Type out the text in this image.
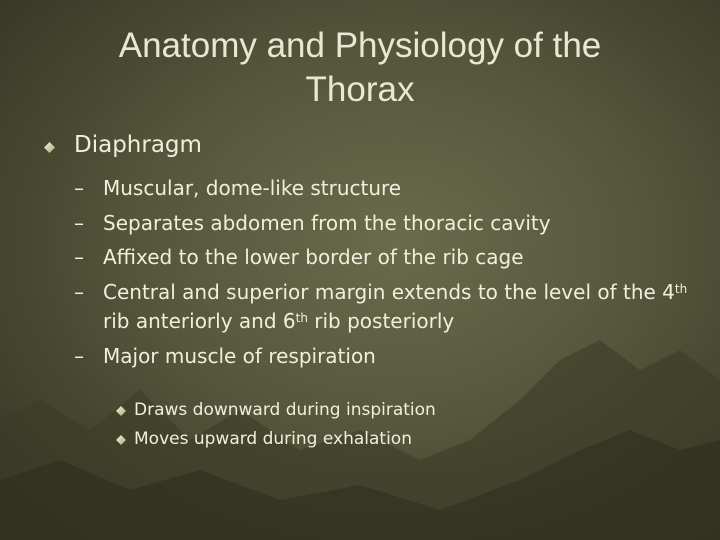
Anatomy and Physiology of the
Thorax
Diaphragm
– Muscular, dome-like structure
– Separates abdomen from the thoracic cavity
– Affixed to the lower border of the rib cage
– Central and superior margin extends to the level of the 4th rib anteriorly and 6th rib posteriorly
– Major muscle of respiration
Draws downward during inspiration
Moves upward during exhalation
